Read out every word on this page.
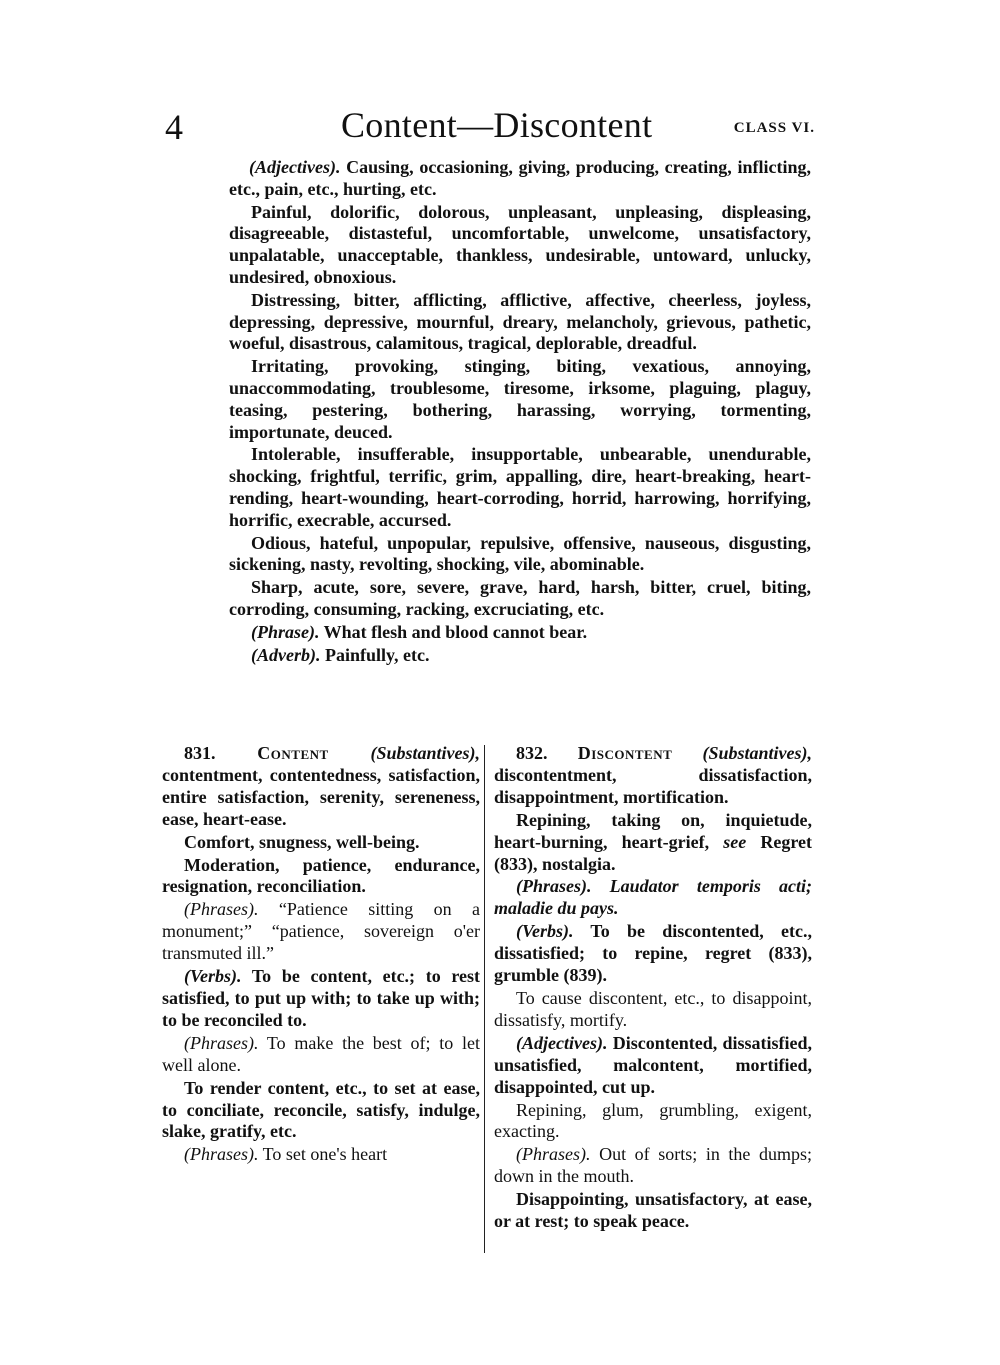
4	Content—Discontent	CLASS VI.

(Adjectives). Causing, occasioning, giving, producing, creating, inflicting, etc., pain, etc., hurting, etc.

Painful, dolorific, dolorous, unpleasant, unpleasing, displeasing, disagreeable, distasteful, uncomfortable, unwelcome, unsatisfactory, unpalatable, unacceptable, thankless, undesirable, untoward, unlucky, undesired, obnoxious.

Distressing, bitter, afflicting, afflictive, affective, cheerless, joyless, depressing, depressive, mournful, dreary, melancholy, grievous, pathetic, woeful, disastrous, calamitous, tragical, deplorable, dreadful.

Irritating, provoking, stinging, biting, vexatious, annoying, unaccommodating, troublesome, tiresome, irksome, plaguing, plaguy, teasing, pestering, bothering, harassing, worrying, tormenting, importunate, deuced.

Intolerable, insufferable, insupportable, unbearable, unendurable, shocking, frightful, terrific, grim, appalling, dire, heart-breaking, heart-rending, heart-wounding, heart-corroding, horrid, harrowing, horrifying, horrific, execrable, accursed.

Odious, hateful, unpopular, repulsive, offensive, nauseous, disgusting, sickening, nasty, revolting, shocking, vile, abominable.

Sharp, acute, sore, severe, grave, hard, harsh, bitter, cruel, biting, corroding, consuming, racking, excruciating, etc.

(Phrase). What flesh and blood cannot bear.

(Adverb). Painfully, etc.

831. Content (Substantives), contentment, contentedness, satisfaction, entire satisfaction, serenity, sereneness, ease, heart-ease.

Comfort, snugness, well-being.

Moderation, patience, endurance, resignation, reconciliation.

(Phrases). “Patience sitting on a monument;” “patience, sovereign o'er transmuted ill.”

(Verbs). To be content, etc.; to rest satisfied, to put up with; to take up with; to be reconciled to.

(Phrases). To make the best of; to let well alone.

To render content, etc., to set at ease, to conciliate, reconcile, satisfy, indulge, slake, gratify, etc.

(Phrases). To set one's heart

832. Discontent (Substantives), discontentment, dissatisfaction, disappointment, mortification.

Repining, taking on, inquietude, heart-burning, heart-grief, see Regret (833), nostalgia.

(Phrases). Laudator temporis acti; maladie du pays.

(Verbs). To be discontented, etc., dissatisfied; to repine, regret (833), grumble (839).

To cause discontent, etc., to disappoint, dissatisfy, mortify.

(Adjectives). Discontented, dissatisfied, unsatisfied, malcontent, mortified, disappointed, cut up.

Repining, glum, grumbling, exigent, exacting.

(Phrases). Out of sorts; in the dumps; down in the mouth.

Disappointing, unsatisfactory, at ease, or at rest; to speak peace.
